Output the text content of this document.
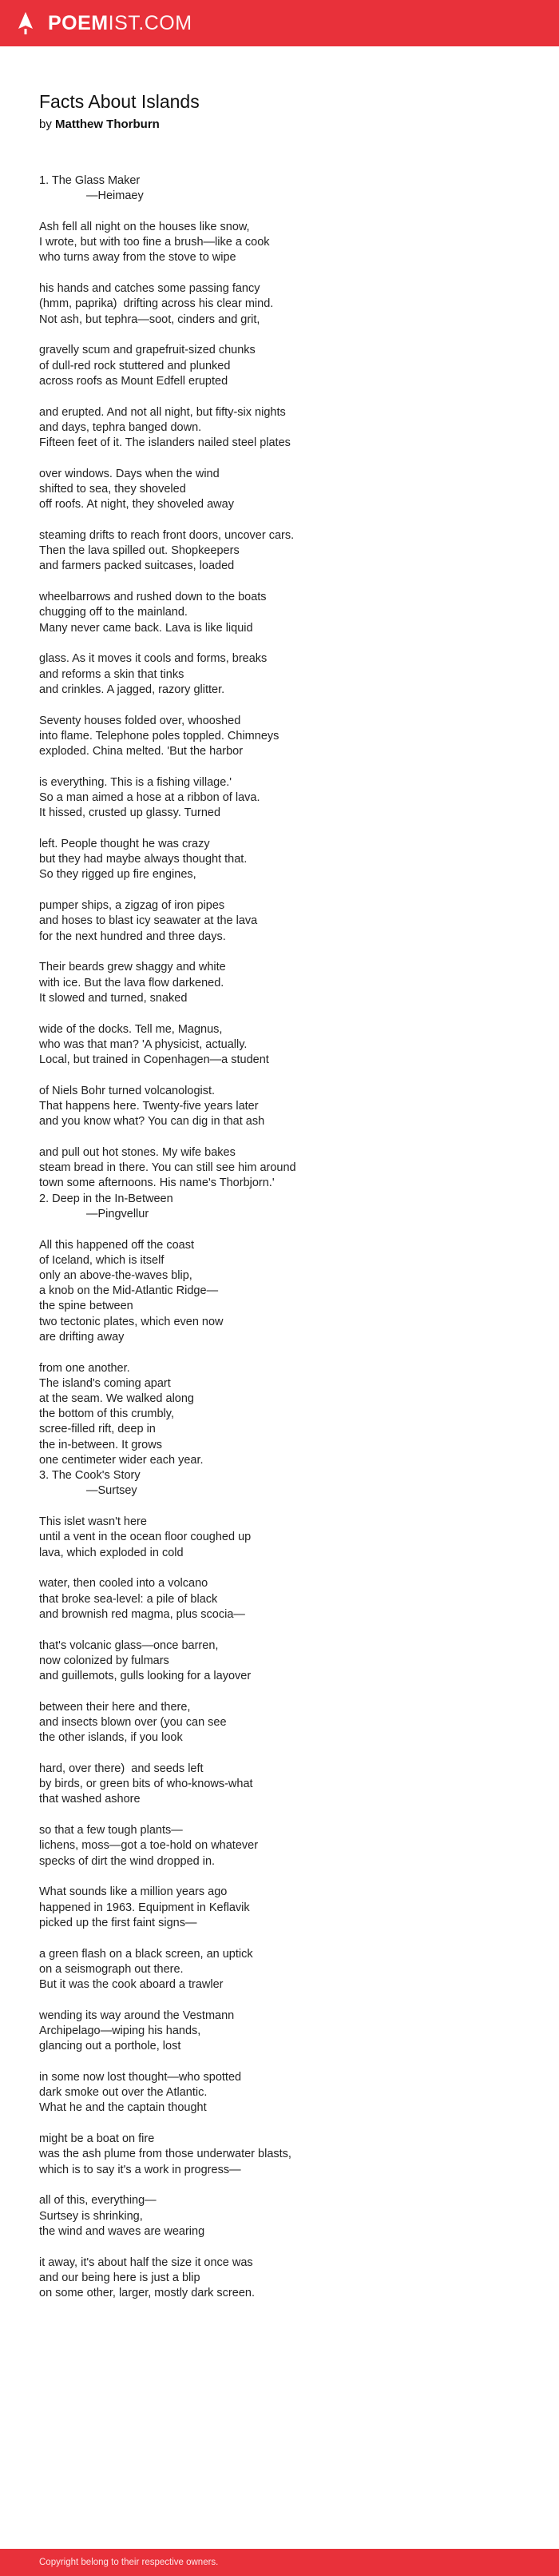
POEMIST.COM
Facts About Islands
by Matthew Thorburn
1. The Glass Maker
—Heimaey
Ash fell all night on the houses like snow,
I wrote, but with too fine a brush—like a cook
who turns away from the stove to wipe
his hands and catches some passing fancy
(hmm, paprika)  drifting across his clear mind.
Not ash, but tephra—soot, cinders and grit,
gravelly scum and grapefruit-sized chunks
of dull-red rock stuttered and plunked
across roofs as Mount Edfell erupted
and erupted. And not all night, but fifty-six nights
and days, tephra banged down.
Fifteen feet of it. The islanders nailed steel plates
over windows. Days when the wind
shifted to sea, they shoveled
off roofs. At night, they shoveled away
steaming drifts to reach front doors, uncover cars.
Then the lava spilled out. Shopkeepers
and farmers packed suitcases, loaded
wheelbarrows and rushed down to the boats
chugging off to the mainland.
Many never came back. Lava is like liquid
glass. As it moves it cools and forms, breaks
and reforms a skin that tinks
and crinkles. A jagged, razory glitter.
Seventy houses folded over, whooshed
into flame. Telephone poles toppled. Chimneys
exploded. China melted. 'But the harbor
is everything. This is a fishing village.'
So a man aimed a hose at a ribbon of lava.
It hissed, crusted up glassy. Turned
left. People thought he was crazy
but they had maybe always thought that.
So they rigged up fire engines,
pumper ships, a zigzag of iron pipes
and hoses to blast icy seawater at the lava
for the next hundred and three days.
Their beards grew shaggy and white
with ice. But the lava flow darkened.
It slowed and turned, snaked
wide of the docks. Tell me, Magnus,
who was that man? 'A physicist, actually.
Local, but trained in Copenhagen—a student
of Niels Bohr turned volcanologist.
That happens here. Twenty-five years later
and you know what? You can dig in that ash
and pull out hot stones. My wife bakes
steam bread in there. You can still see him around
town some afternoons. His name's Thorbjorn.'
2. Deep in the In-Between
—Pingvellur
All this happened off the coast
of Iceland, which is itself
only an above-the-waves blip,
a knob on the Mid-Atlantic Ridge—
the spine between
two tectonic plates, which even now
are drifting away
from one another.
The island's coming apart
at the seam. We walked along
the bottom of this crumbly,
scree-filled rift, deep in
the in-between. It grows
one centimeter wider each year.
3. The Cook's Story
—Surtsey
This islet wasn't here
until a vent in the ocean floor coughed up
lava, which exploded in cold
water, then cooled into a volcano
that broke sea-level: a pile of black
and brownish red magma, plus scocia—
that's volcanic glass—once barren,
now colonized by fulmars
and guillemots, gulls looking for a layover
between their here and there,
and insects blown over (you can see
the other islands, if you look
hard, over there)  and seeds left
by birds, or green bits of who-knows-what
that washed ashore
so that a few tough plants—
lichens, moss—got a toe-hold on whatever
specks of dirt the wind dropped in.
What sounds like a million years ago
happened in 1963. Equipment in Keflavik
picked up the first faint signs—
a green flash on a black screen, an uptick
on a seismograph out there.
But it was the cook aboard a trawler
wending its way around the Vestmann
Archipelago—wiping his hands,
glancing out a porthole, lost
in some now lost thought—who spotted
dark smoke out over the Atlantic.
What he and the captain thought
might be a boat on fire
was the ash plume from those underwater blasts,
which is to say it's a work in progress—
all of this, everything—
Surtsey is shrinking,
the wind and waves are wearing
it away, it's about half the size it once was
and our being here is just a blip
on some other, larger, mostly dark screen.
Copyright belong to their respective owners.
